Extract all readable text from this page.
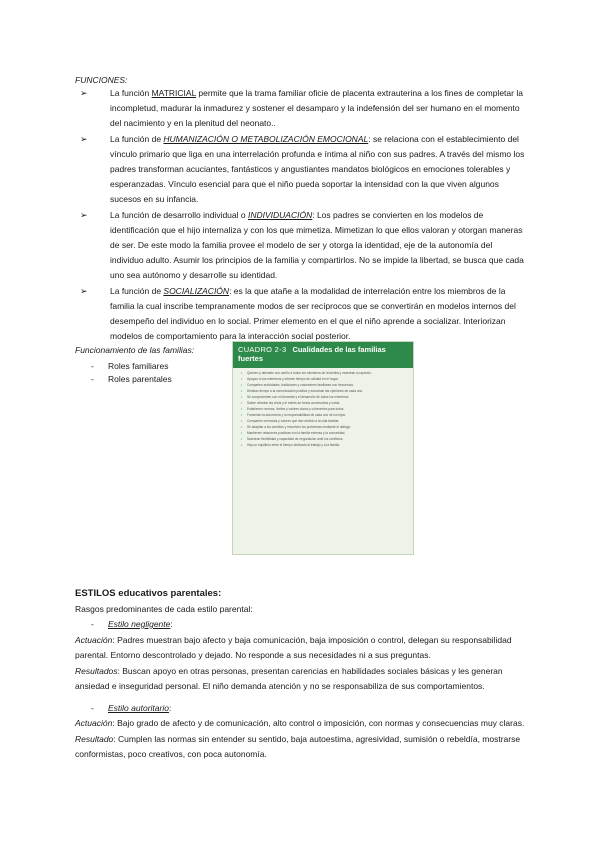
FUNCIONES:
➢	La función MATRICIAL permite que la trama familiar oficie de placenta extrauterina a los fines de completar la incompletud, madurar la inmadurez y sostener el desamparo y la indefensión del ser humano en el momento del nacimiento y en la plenitud del neonato..
➢	La función de HUMANIZACIÓN O METABOLIZACIÓN EMOCIONAL: se relaciona con el establecimiento del vínculo primario que liga en una interrelación profunda e íntima al niño con sus padres. A través del mismo los padres transforman acuciantes, fantásticos y angustiantes mandatos biológicos en emociones tolerables y esperanzadas. Vínculo esencial para que el niño pueda soportar la intensidad con la que viven algunos sucesos en su infancia.
➢	La función de desarrollo individual o INDIVIDUACIÓN: Los padres se convierten en los modelos de identificación que el hijo internaliza y con los que mimetiza. Mimetizan lo que ellos valoran y otorgan maneras de ser. De este modo la familia provee el modelo de ser y otorga la identidad, eje de la autonomía del individuo adulto. Asumir los principios de la familia y compartirlos. No se impide la libertad, se busca que cada uno sea autónomo y desarrolle su identidad.
➢	La función de SOCIALIZACIÓN: es la que atañe a la modalidad de interrelación entre los miembros de la familia la cual inscribe tempranamente modos de ser recíprocos que se convertirán en modelos internos del desempeño del individuo en lo social. Primer elemento en el que el niño aprende a socializar. Interiorizan modelos de comportamiento para la interacción social posterior.
Funcionamiento de las familias:
- Roles familiares
- Roles parentales
CUADRO 2-3 Cualidades de las familias fuertes
• Quieren y atienden con cariño a todos los miembros de la familia y muestran su aprecio.
• Apoyan a sus miembros y ofrecen tiempo de calidad en el hogar.
• Comparten actividades, tradiciones y costumbres familiares con frecuencia.
• Dedican tiempo a la comunicación positiva y escuchan las opiniones de cada uno.
• Se comprometen con el bienestar y el desarrollo de todos los miembros.
• Saben afrontar las crisis y el estrés de forma constructiva y unida.
• Establecen normas, límites y valores claros y coherentes para todos.
• Fomentan la autonomía y la responsabilidad de cada uno de los hijos.
• Comparten creencias y valores que dan sentido a la vida familiar.
• Se adaptan a los cambios y resuelven los problemas mediante el diálogo.
• Mantienen relaciones positivas con la familia extensa y la comunidad.
• Muestran flexibilidad y capacidad de negociación ante los conflictos.
• Hay un equilibrio entre el tiempo dedicado al trabajo y a la familia.
ESTILOS educativos parentales:
Rasgos predominantes de cada estilo parental:
- Estilo negligente:
Actuación: Padres muestran bajo afecto y baja comunicación, baja imposición o control, delegan su responsabilidad parental. Entorno descontrolado y dejado. No responde a sus necesidades ni a sus preguntas.
Resultados: Buscan apoyo en otras personas, presentan carencias en habilidades sociales básicas y les generan ansiedad e inseguridad personal. El niño demanda atención y no se responsabiliza de sus comportamientos.
- Estilo autoritario:
Actuación: Bajo grado de afecto y de comunicación, alto control o imposición, con normas y consecuencias muy claras.
Resultado: Cumplen las normas sin entender su sentido, baja autoestima, agresividad, sumisión o rebeldía, mostrarse conformistas, poco creativos, con poca autonomía.
